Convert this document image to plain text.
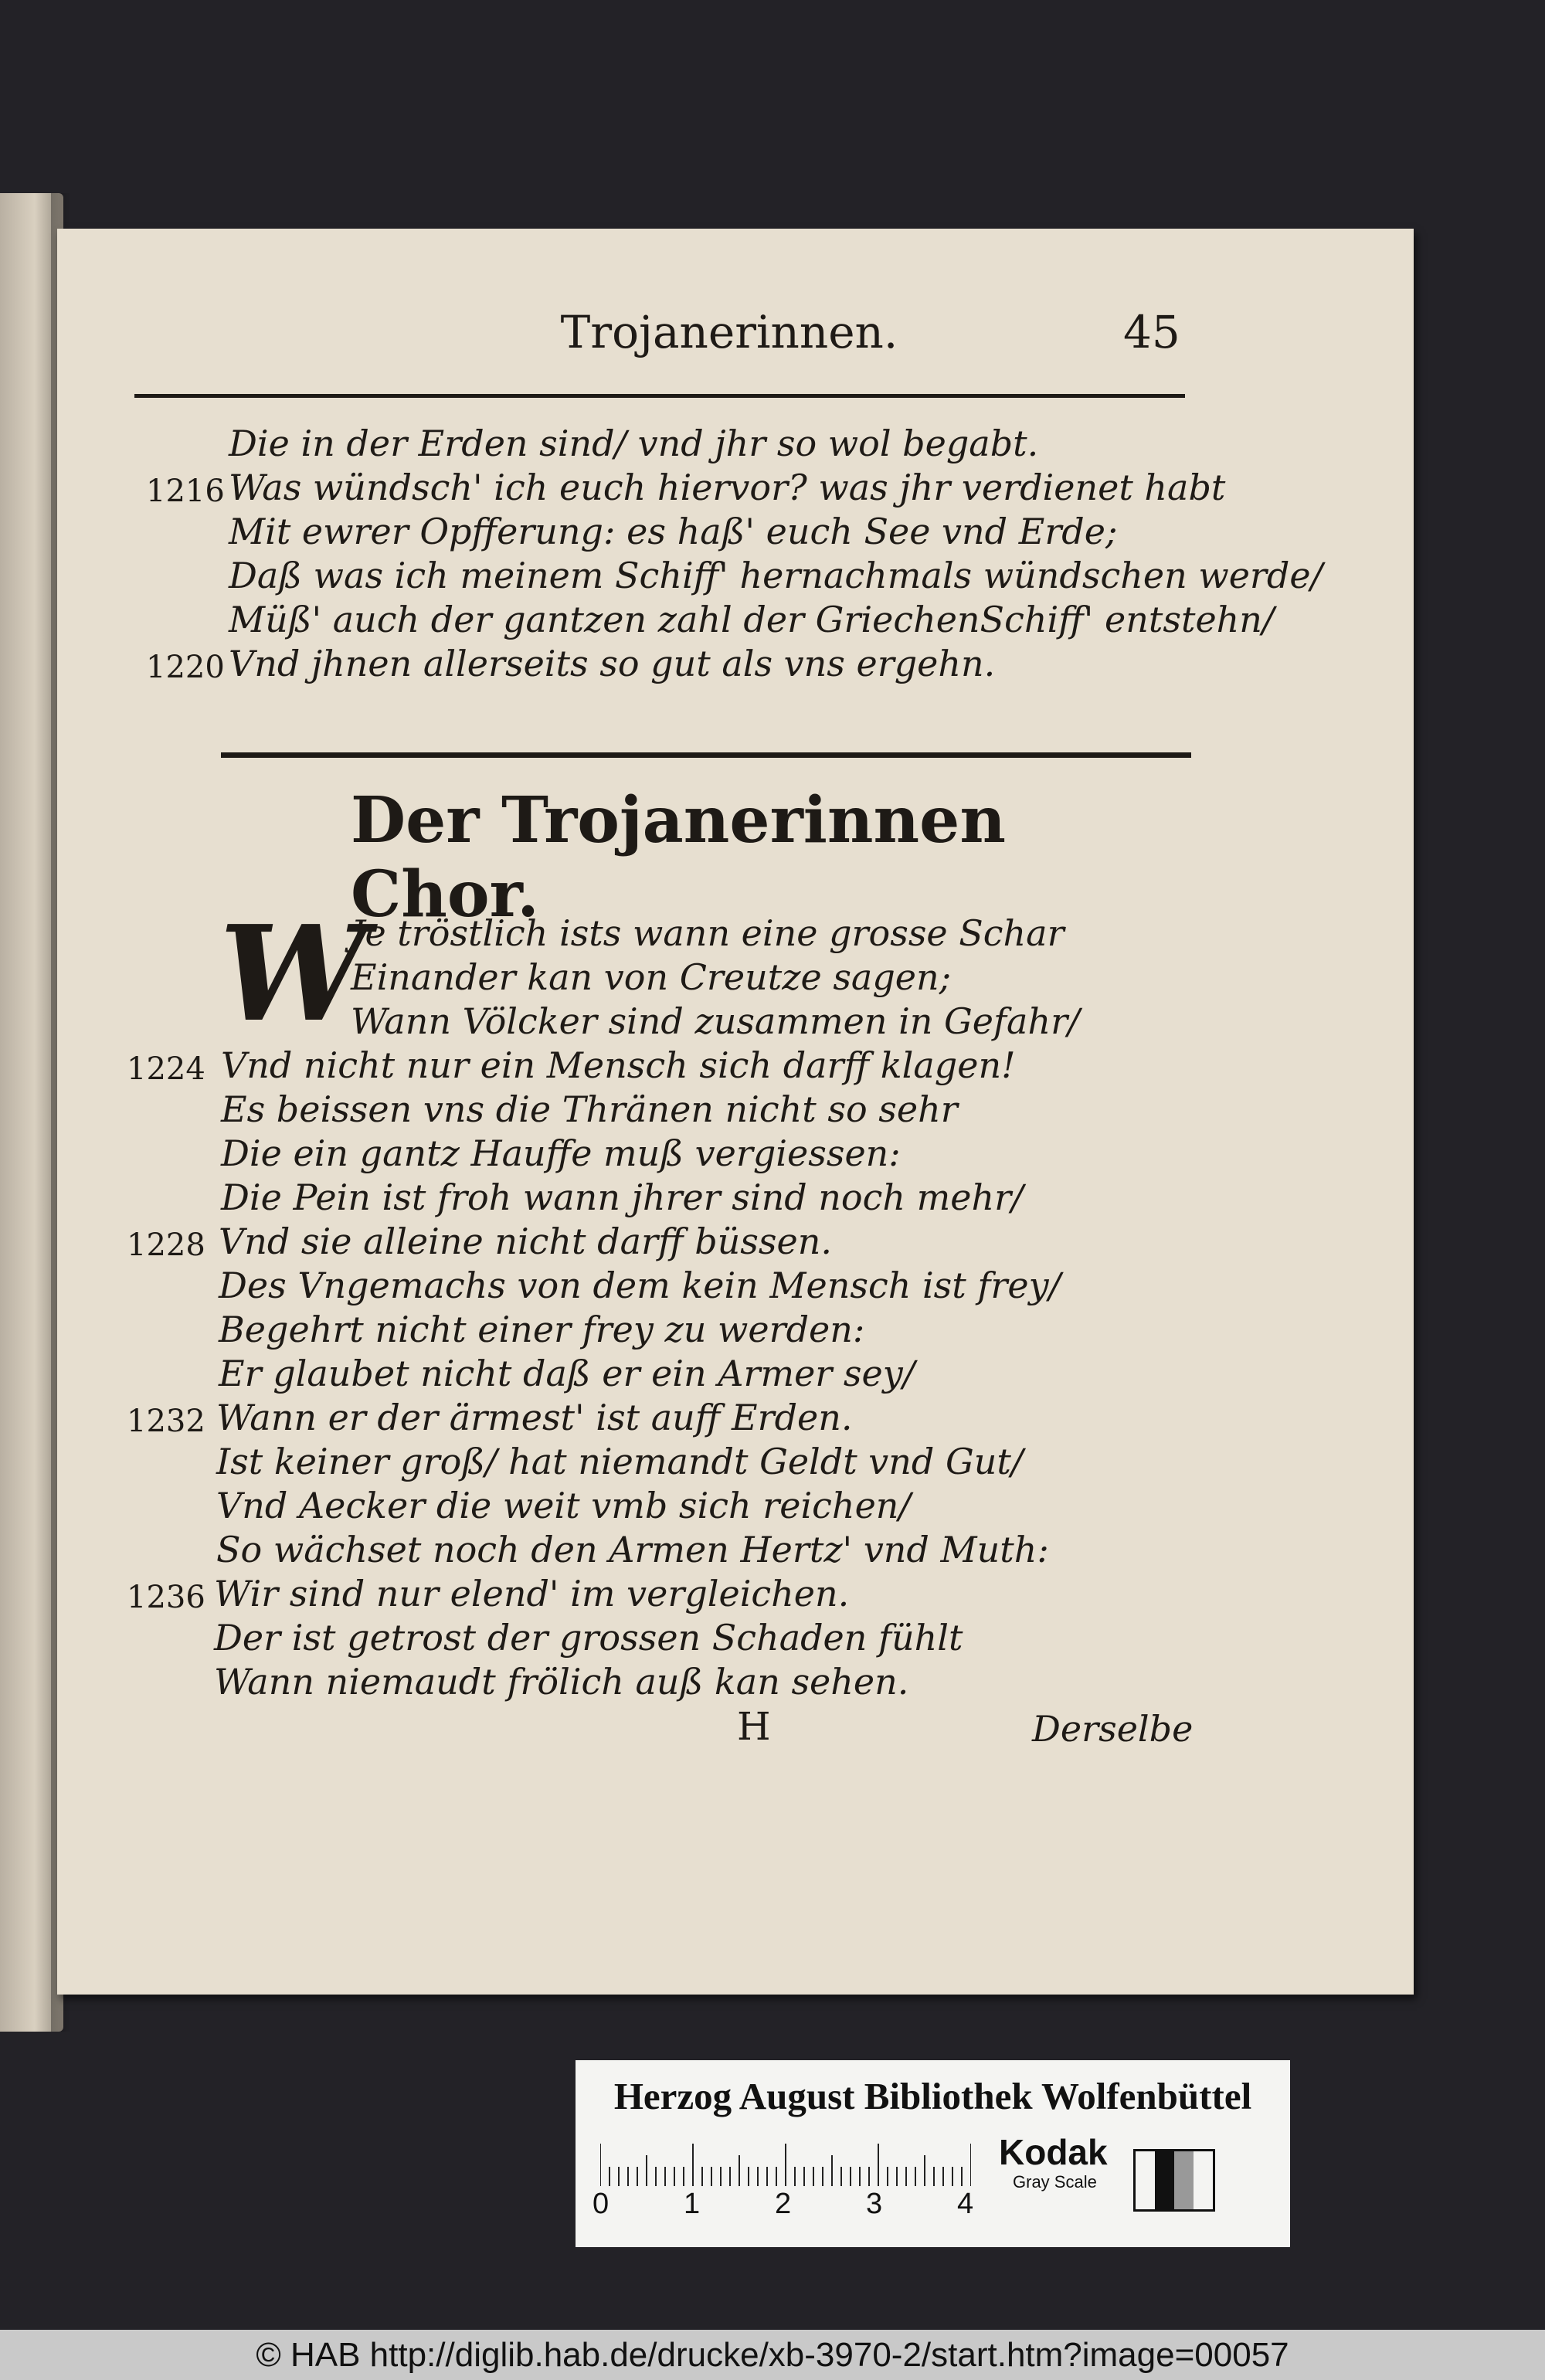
Trojanerinnen.	45
Die in der Erden sind/ vnd jhr so wol begabt.
Was wündsch' ich euch hiervor? was jhr verdienet habt
1216
Mit ewrer Opfferung: es haß' euch See vnd Erde;
Daß was ich meinem Schiff' hernachmals wündschen werde/
Müß' auch der gantzen zahl der GriechenSchiff' entstehn/
Vnd jhnen allerseits so gut als vns ergehn.
1220
Der Trojanerinnen Chor.
W
Je tröstlich ists wann eine grosse Schar
Einander kan von Creutze sagen;
Wann Völcker sind zusammen in Gefahr/
Vnd nicht nur ein Mensch sich darff klagen!
1224
Es beissen vns die Thränen nicht so sehr
Die ein gantz Hauffe muß vergiessen:
Die Pein ist froh wann jhrer sind noch mehr/
Vnd sie alleine nicht darff büssen.
1228
Des Vngemachs von dem kein Mensch ist frey/
Begehrt nicht einer frey zu werden:
Er glaubet nicht daß er ein Armer sey/
Wann er der ärmest' ist auff Erden.
1232
Ist keiner groß/ hat niemandt Geldt vnd Gut/
Vnd Aecker die weit vmb sich reichen/
So wächset noch den Armen Hertz' vnd Muth:
Wir sind nur elend' im vergleichen.
1236
Der ist getrost der grossen Schaden fühlt
Wann niemaudt frölich auß kan sehen.
H	Derselbe
Herzog August Bibliothek Wolfenbüttel
0	1	2	3	4
Kodak
Gray Scale
© HAB http://diglib.hab.de/drucke/xb-3970-2/start.htm?image=00057
